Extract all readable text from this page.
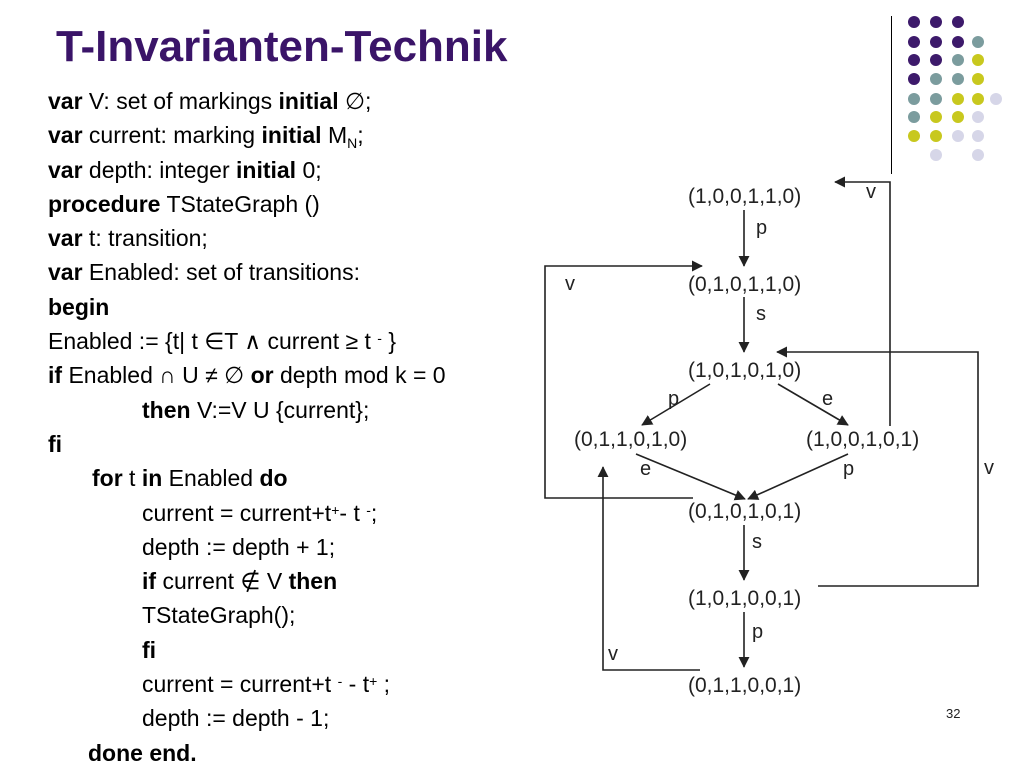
T-Invarianten-Technik
var V: set of markings initial ∅;
var current: marking initial $M_N$;
var depth: integer initial 0;
procedure TStateGraph ()
var t: transition;
var Enabled: set of transitions:
begin
Enabled := {t| t ∈T ∧ current ≥ t - }
if Enabled ∩ U ≠ ∅ or depth mod k = 0
then V:=V U {current};
fi
for t in Enabled do
current = current+t+- t -;
depth := depth + 1;
if current ∉ V then
TStateGraph();
fi
current = current+t - - t+ ;
depth := depth - 1;
done end.
(1,0,0,1,1,0)
(0,1,0,1,1,0)
(1,0,1,0,1,0)
(0,1,1,0,1,0)	(1,0,0,1,0,1)
(0,1,0,1,0,1)
(1,0,1,0,0,1)
(0,1,1,0,0,1)
p
s
p	e
e	p
s
p
v
v
v
v
32
